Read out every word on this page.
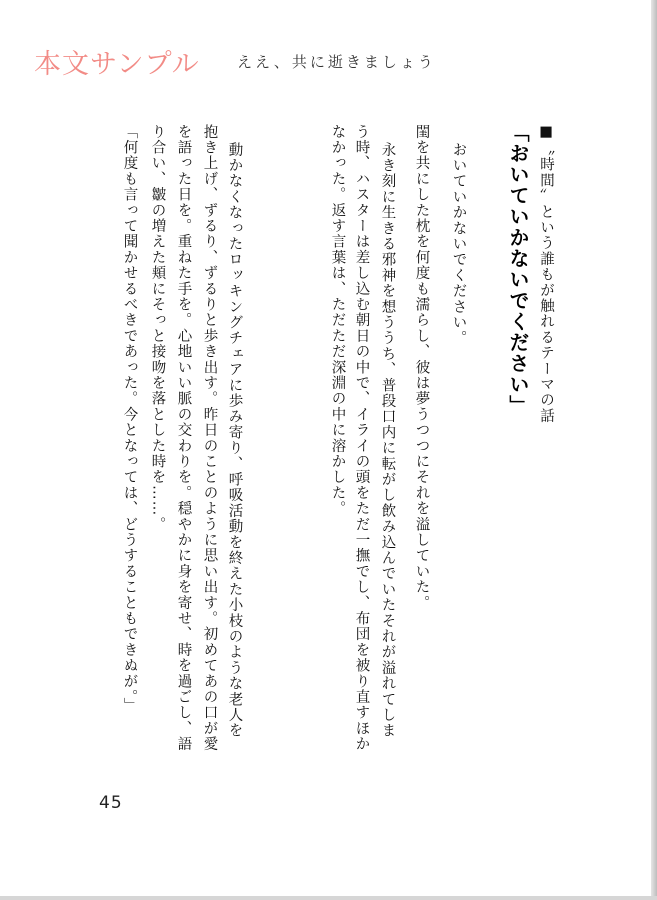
本文サンプル ええ、共に逝きましょう
■〝時間〟という誰もが触れるテーマの話
「おいていかないでください」
おいていかないでください。
閨を共にした枕を何度も濡らし、彼は夢うつつにそれを溢していた。
永き刻に生きる邪神を想ううち、普段口内に転がし飲み込んでいたそれが溢れてしま
う時、ハスターは差し込む朝日の中で、イライの頭をただ一撫でし、布団を被り直すほか
なかった。返す言葉は、ただただ深淵の中に溶かした。
動かなくなったロッキングチェアに歩み寄り、呼吸活動を終えた小枝のような老人を
抱き上げ、ずるり、ずるりと歩き出す。昨日のことのように思い出す。初めてあの口が愛
を語った日を。重ねた手を。心地いい脈の交わりを。穏やかに身を寄せ、時を過ごし、語
り合い、皺の増えた頬にそっと接吻を落とした時を……。
「何度も言って聞かせるべきであった。今となっては、どうすることもできぬが。」
45
